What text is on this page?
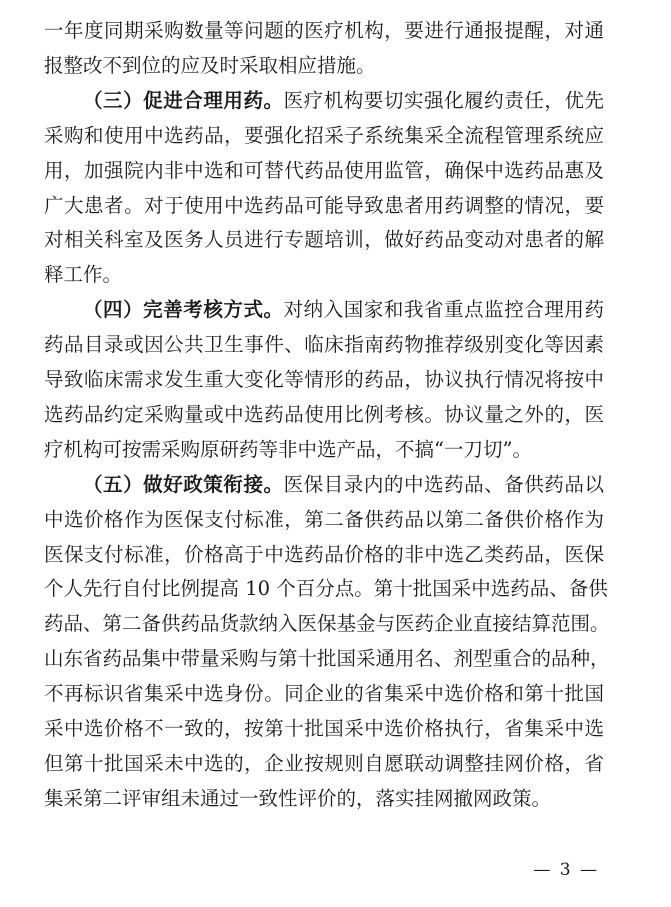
一年度同期采购数量等问题的医疗机构，要进行通报提醒，对通
报整改不到位的应及时采取相应措施。
（三）促进合理用药。医疗机构要切实强化履约责任，优先
采购和使用中选药品，要强化招采子系统集采全流程管理系统应
用，加强院内非中选和可替代药品使用监管，确保中选药品惠及
广大患者。对于使用中选药品可能导致患者用药调整的情况，要
对相关科室及医务人员进行专题培训，做好药品变动对患者的解
释工作。
（四）完善考核方式。对纳入国家和我省重点监控合理用药
药品目录或因公共卫生事件、临床指南药物推荐级别变化等因素
导致临床需求发生重大变化等情形的药品，协议执行情况将按中
选药品约定采购量或中选药品使用比例考核。协议量之外的，医
疗机构可按需采购原研药等非中选产品，不搞“一刀切”。
（五）做好政策衔接。医保目录内的中选药品、备供药品以
中选价格作为医保支付标准，第二备供药品以第二备供价格作为
医保支付标准，价格高于中选药品价格的非中选乙类药品，医保
个人先行自付比例提高 10 个百分点。第十批国采中选药品、备供
药品、第二备供药品货款纳入医保基金与医药企业直接结算范围。
山东省药品集中带量采购与第十批国采通用名、剂型重合的品种，
不再标识省集采中选身份。同企业的省集采中选价格和第十批国
采中选价格不一致的，按第十批国采中选价格执行，省集采中选
但第十批国采未中选的，企业按规则自愿联动调整挂网价格，省
集采第二评审组未通过一致性评价的，落实挂网撤网政策。
— 3 —
